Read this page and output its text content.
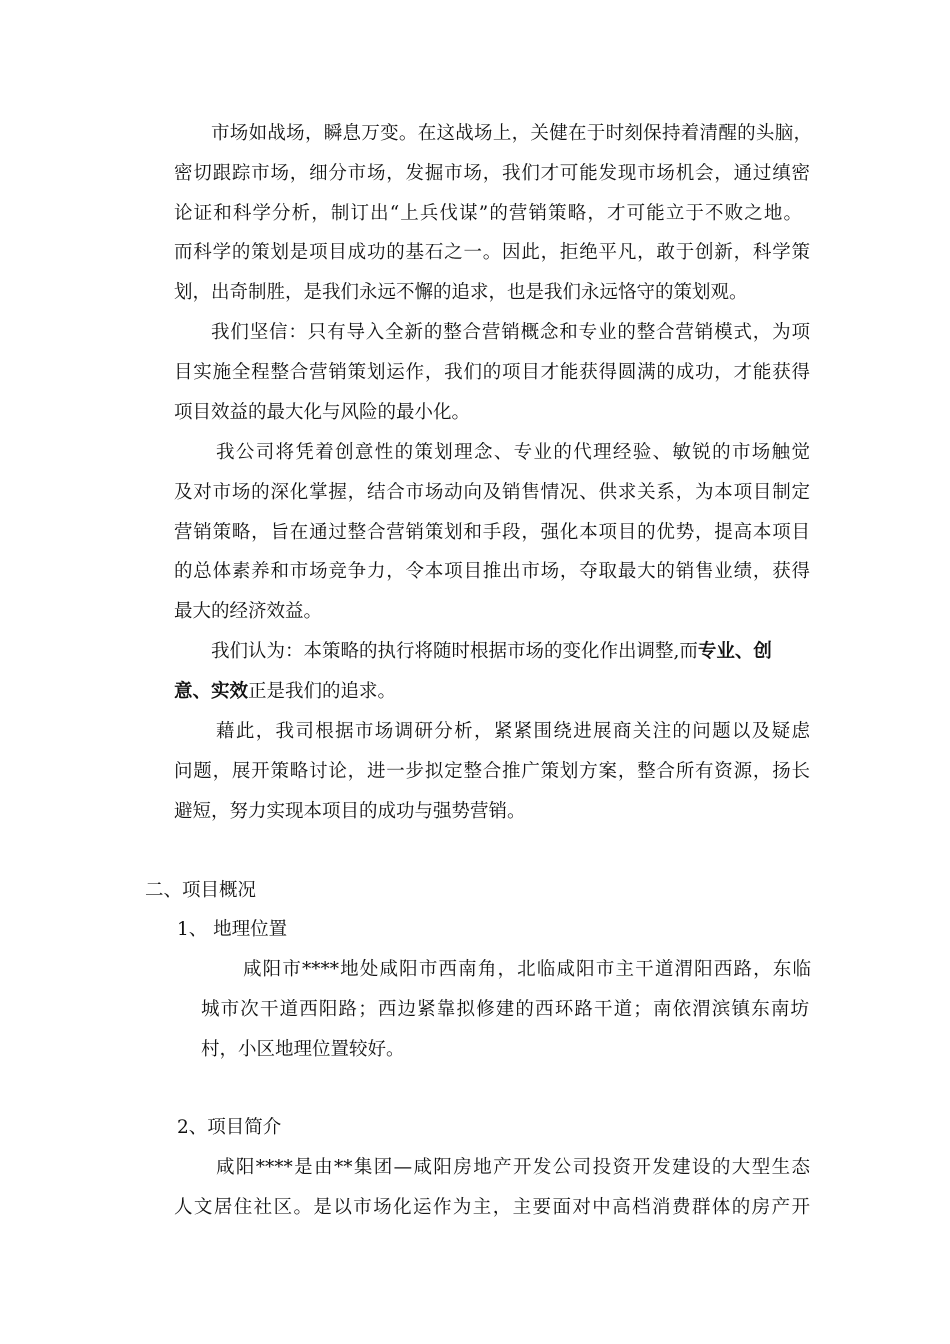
市场如战场，瞬息万变。在这战场上，关健在于时刻保持着清醒的头脑，
密切跟踪市场，细分市场，发掘市场，我们才可能发现市场机会，通过缜密
论证和科学分析，制订出“上兵伐谋”的营销策略，才可能立于不败之地。
而科学的策划是项目成功的基石之一。因此，拒绝平凡，敢于创新，科学策
划，出奇制胜，是我们永远不懈的追求，也是我们永远恪守的策划观。
我们坚信：只有导入全新的整合营销概念和专业的整合营销模式，为项
目实施全程整合营销策划运作，我们的项目才能获得圆满的成功，才能获得
项目效益的最大化与风险的最小化。
我公司将凭着创意性的策划理念、专业的代理经验、敏锐的市场触觉
及对市场的深化掌握，结合市场动向及销售情况、供求关系，为本项目制定
营销策略，旨在通过整合营销策划和手段，强化本项目的优势，提高本项目
的总体素养和市场竞争力，令本项目推出市场，夺取最大的销售业绩，获得
最大的经济效益。
我们认为：本策略的执行将随时根据市场的变化作出调整,而专业、创
意、实效正是我们的追求。
藉此，我司根据市场调研分析，紧紧围绕进展商关注的问题以及疑虑
问题，展开策略讨论，进一步拟定整合推广策划方案，整合所有资源，扬长
避短，努力实现本项目的成功与强势营销。
二、项目概况
1、 地理位置
咸阳市****地处咸阳市西南角，北临咸阳市主干道渭阳西路，东临
城市次干道西阳路；西边紧靠拟修建的西环路干道；南依渭滨镇东南坊
村，小区地理位置较好。
2、项目简介
咸阳****是由**集团—咸阳房地产开发公司投资开发建设的大型生态
人文居住社区。是以市场化运作为主，主要面对中高档消费群体的房产开
